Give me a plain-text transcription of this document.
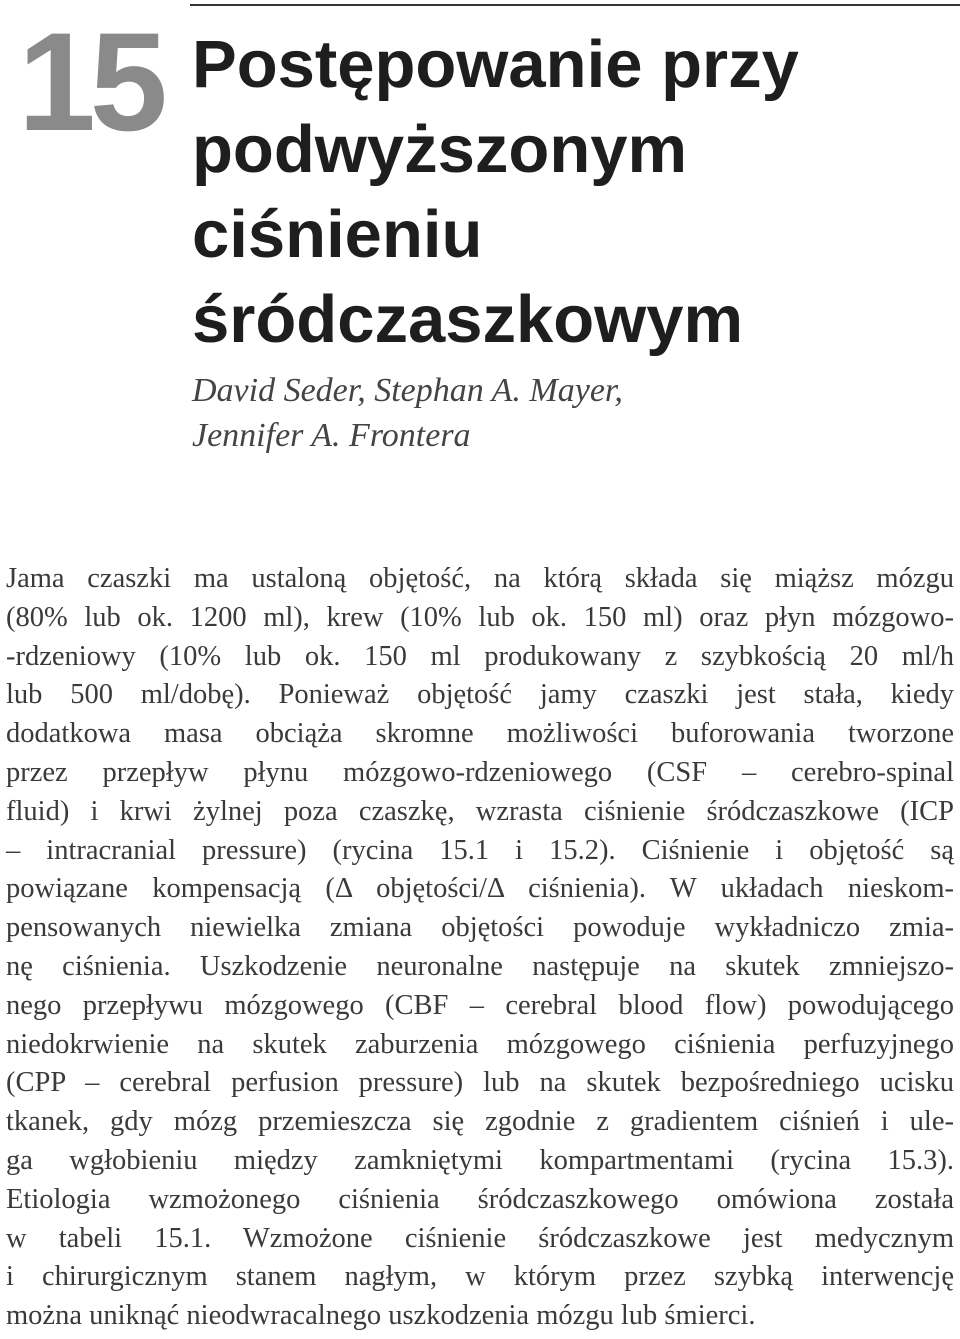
15 Postępowanie przy
podwyższonym
ciśnieniu
śródczaszkowym
David Seder, Stephan A. Mayer,
Jennifer A. Frontera
Jama czaszki ma ustaloną objętość, na którą składa się miąższ mózgu
(80% lub ok. 1200 ml), krew (10% lub ok. 150 ml) oraz płyn mózgowo-
-rdzeniowy (10% lub ok. 150 ml produkowany z szybkością 20 ml/h
lub 500 ml/dobę). Ponieważ objętość jamy czaszki jest stała, kiedy
dodatkowa masa obciąża skromne możliwości buforowania tworzone
przez przepływ płynu mózgowo-rdzeniowego (CSF – cerebro-spinal
fluid) i krwi żylnej poza czaszkę, wzrasta ciśnienie śródczaszkowe (ICP
– intracranial pressure) (rycina 15.1 i 15.2). Ciśnienie i objętość są
powiązane kompensacją (Δ objętości/Δ ciśnienia). W układach nieskom-
pensowanych niewielka zmiana objętości powoduje wykładniczo zmia-
nę ciśnienia. Uszkodzenie neuronalne następuje na skutek zmniejszo-
nego przepływu mózgowego (CBF – cerebral blood flow) powodującego
niedokrwienie na skutek zaburzenia mózgowego ciśnienia perfuzyjnego
(CPP – cerebral perfusion pressure) lub na skutek bezpośredniego ucisku
tkanek, gdy mózg przemieszcza się zgodnie z gradientem ciśnień i ule-
ga wgłobieniu między zamkniętymi kompartmentami (rycina 15.3).
Etiologia wzmożonego ciśnienia śródczaszkowego omówiona została
w tabeli 15.1. Wzmożone ciśnienie śródczaszkowe jest medycznym
i chirurgicznym stanem nagłym, w którym przez szybką interwencję
można uniknąć nieodwracalnego uszkodzenia mózgu lub śmierci.
